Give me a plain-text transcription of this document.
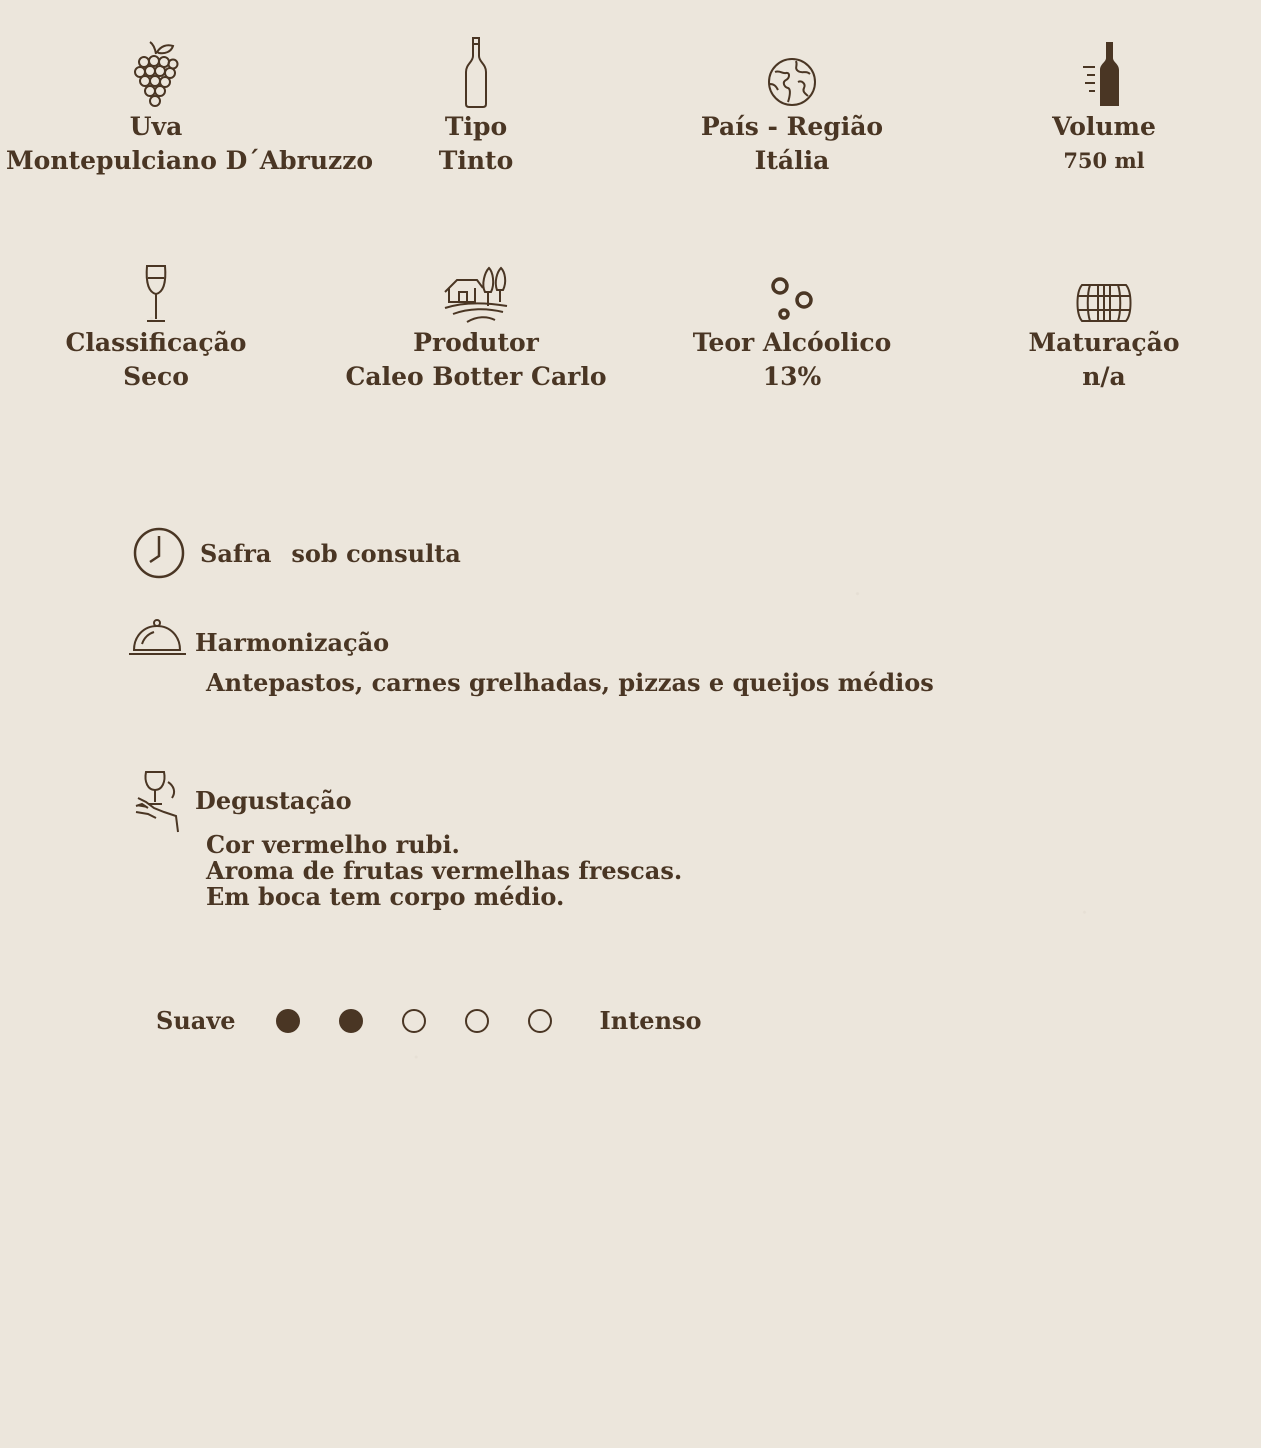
Uva
Montepulciano D´Abruzzo
Tipo
Tinto
País - Região
Itália
Volume
750 ml
Classificação
Seco
Produtor
Caleo Botter Carlo
Teor Alcóolico
13%
Maturação
n/a
Safra sob consulta
Harmonização
Antepastos, carnes grelhadas, pizzas e queijos médios
Degustação
Cor vermelho rubi.
Aroma de frutas vermelhas frescas.
Em boca tem corpo médio.
Suave	Intenso
